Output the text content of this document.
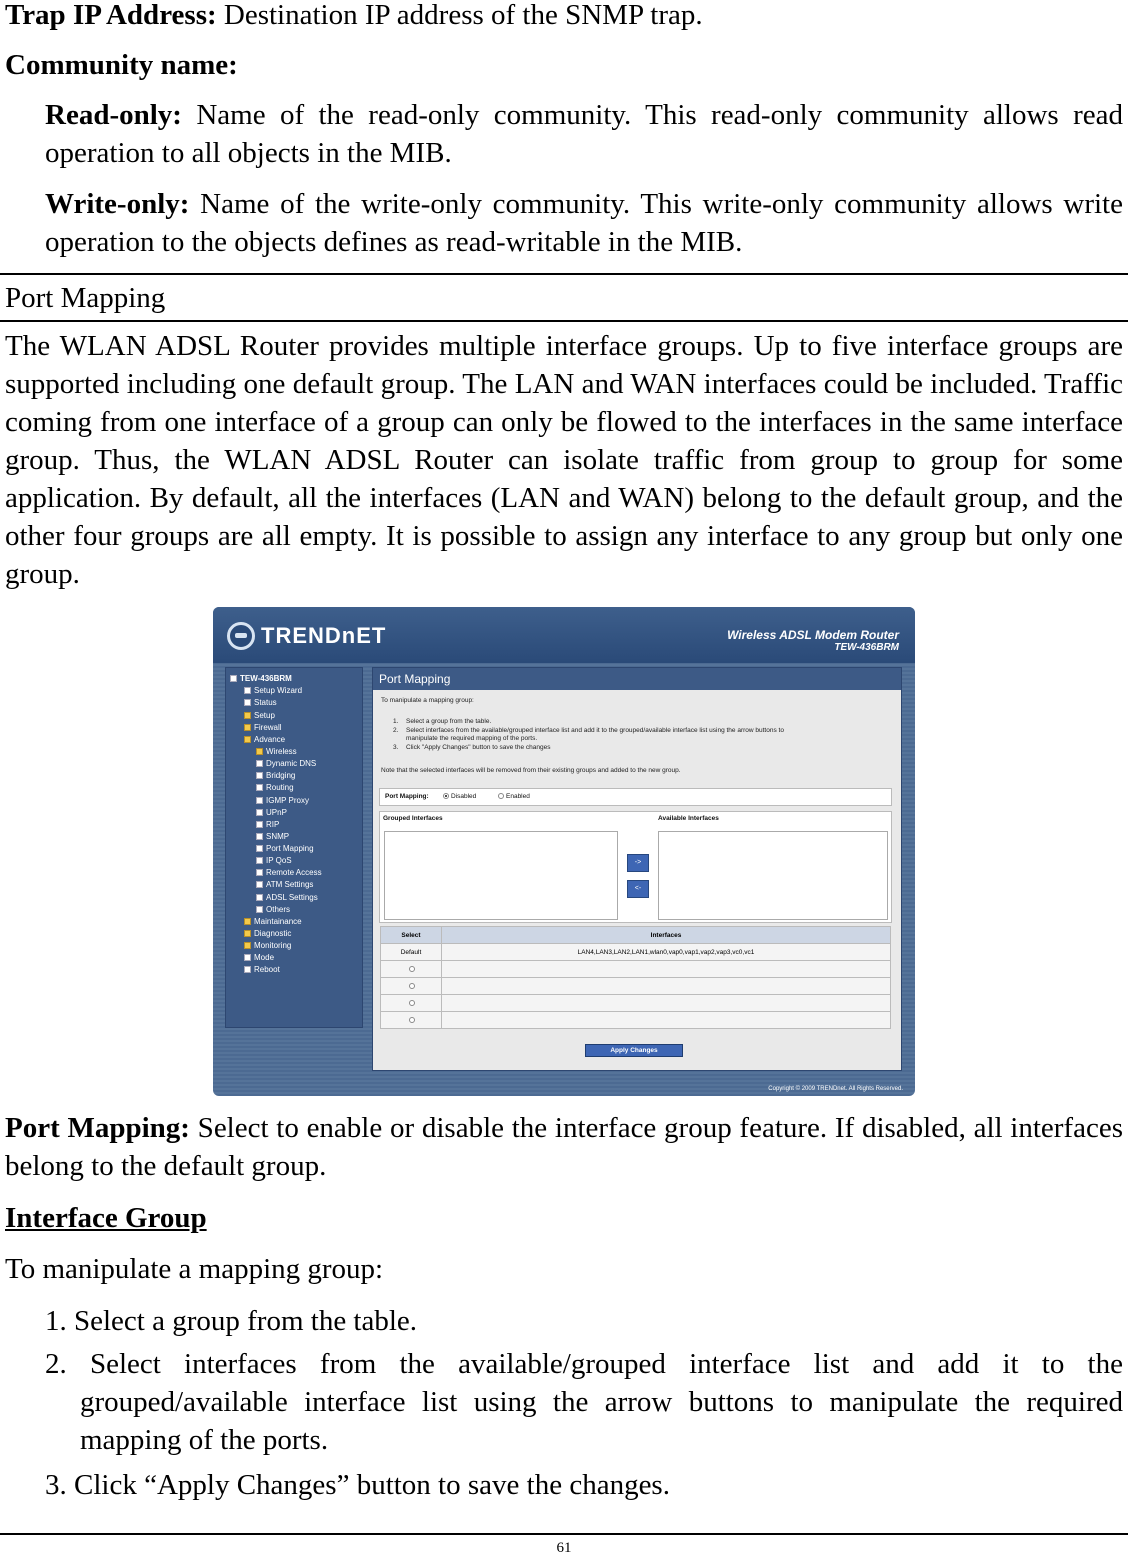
Trap IP Address: Destination IP address of the SNMP trap.
Community name:
Read-only: Name of the read-only community. This read-only community allows read operation to all objects in the MIB.
Write-only: Name of the write-only community. This write-only community allows write operation to the objects defines as read-writable in the MIB.
Port Mapping
The WLAN ADSL Router provides multiple interface groups. Up to five interface groups are supported including one default group. The LAN and WAN interfaces could be included. Traffic coming from one interface of a group can only be flowed to the interfaces in the same interface group. Thus, the WLAN ADSL Router can isolate traffic from group to group for some application. By default, all the interfaces (LAN and WAN) belong to the default group, and the other four groups are all empty. It is possible to assign any interface to any group but only one group.
TRENDnET	Wireless ADSL Modem Router
TEW-436BRM
TEW-436BRM
Setup Wizard
Status
Setup
Firewall
Advance
Wireless
Dynamic DNS
Bridging
Routing
IGMP Proxy
UPnP
RIP
SNMP
Port Mapping
IP QoS
Remote Access
ATM Settings
ADSL Settings
Others
Maintainance
Diagnostic
Monitoring
Mode
Reboot
Port Mapping
To manipulate a mapping group:
1. Select a group from the table.
2. Select interfaces from the available/grouped interface list and add it to the grouped/available interface list using the arrow buttons to
manipulate the required mapping of the ports.
3. Click "Apply Changes" button to save the changes
Note that the selected interfaces will be removed from their existing groups and added to the new group.
Port Mapping:	Disabled	Enabled
Grouped Interfaces	Available Interfaces
->
<-
Select	Interfaces
Default	LAN4,LAN3,LAN2,LAN1,wlan0,vap0,vap1,vap2,vap3,vc0,vc1

Apply Changes
Copyright © 2009 TRENDnet. All Rights Reserved.
Port Mapping: Select to enable or disable the interface group feature. If disabled, all interfaces belong to the default group.
Interface Group
To manipulate a mapping group:
1. Select a group from the table.
2. Select interfaces from the available/grouped interface list and add it to the grouped/available interface list using the arrow buttons to manipulate the required mapping of the ports.
3. Click “Apply Changes” button to save the changes.
61
